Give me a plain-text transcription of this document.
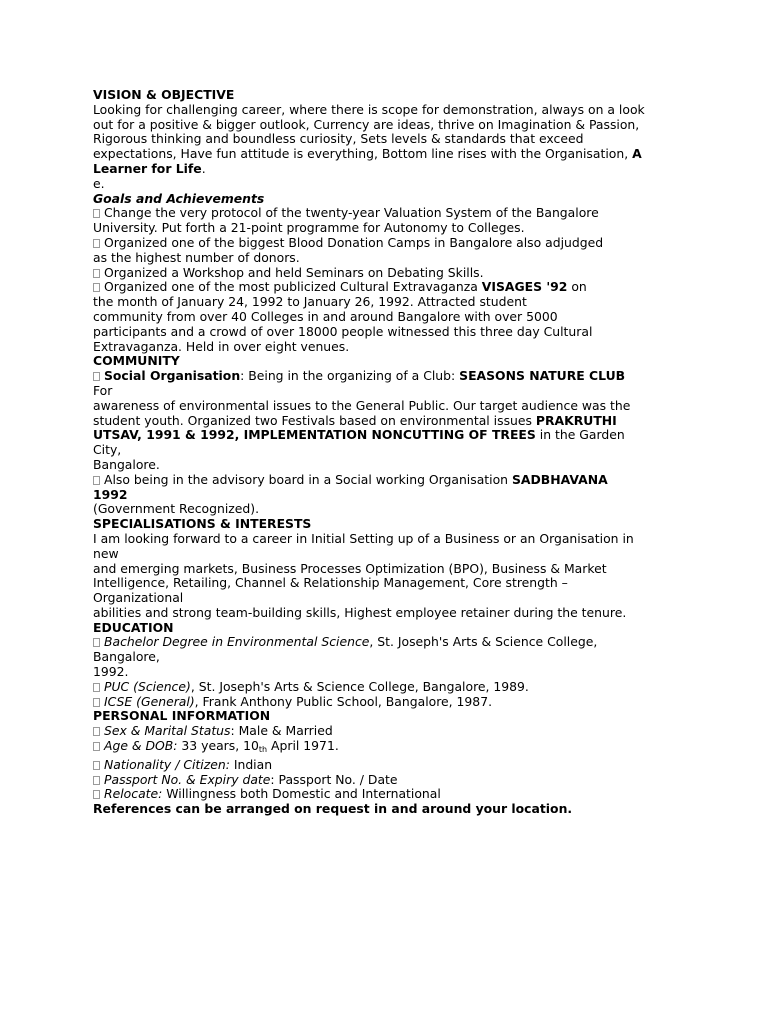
VISION & OBJECTIVE
Looking for challenging career, where there is scope for demonstration, always on a look
out for a positive & bigger outlook, Currency are ideas, thrive on Imagination & Passion,
Rigorous thinking and boundless curiosity, Sets levels & standards that exceed
expectations, Have fun attitude is everything, Bottom line rises with the Organisation, A
Learner for Life.
e.
Goals and Achievements
Change the very protocol of the twenty-year Valuation System of the Bangalore
University. Put forth a 21-point programme for Autonomy to Colleges.
Organized one of the biggest Blood Donation Camps in Bangalore also adjudged
as the highest number of donors.
Organized a Workshop and held Seminars on Debating Skills.
Organized one of the most publicized Cultural Extravaganza VISAGES '92 on
the month of January 24, 1992 to January 26, 1992. Attracted student
community from over 40 Colleges in and around Bangalore with over 5000
participants and a crowd of over 18000 people witnessed this three day Cultural
Extravaganza. Held in over eight venues.
COMMUNITY
Social Organisation: Being in the organizing of a Club: SEASONS NATURE CLUB
For
awareness of environmental issues to the General Public. Our target audience was the
student youth. Organized two Festivals based on environmental issues PRAKRUTHI
UTSAV, 1991 & 1992, IMPLEMENTATION NONCUTTING OF TREES in the Garden
City,
Bangalore.
Also being in the advisory board in a Social working Organisation SADBHAVANA
1992
(Government Recognized).
SPECIALISATIONS & INTERESTS
I am looking forward to a career in Initial Setting up of a Business or an Organisation in
new
and emerging markets, Business Processes Optimization (BPO), Business & Market
Intelligence, Retailing, Channel & Relationship Management, Core strength –
Organizational
abilities and strong team-building skills, Highest employee retainer during the tenure.
EDUCATION
Bachelor Degree in Environmental Science, St. Joseph's Arts & Science College,
Bangalore,
1992.
PUC (Science), St. Joseph's Arts & Science College, Bangalore, 1989.
ICSE (General), Frank Anthony Public School, Bangalore, 1987.
PERSONAL INFORMATION
Sex & Marital Status: Male & Married
Age & DOB: 33 years, $10_{th}$ April 1971.
Nationality / Citizen: Indian
Passport No. & Expiry date: Passport No. / Date
Relocate: Willingness both Domestic and International
References can be arranged on request in and around your location.
